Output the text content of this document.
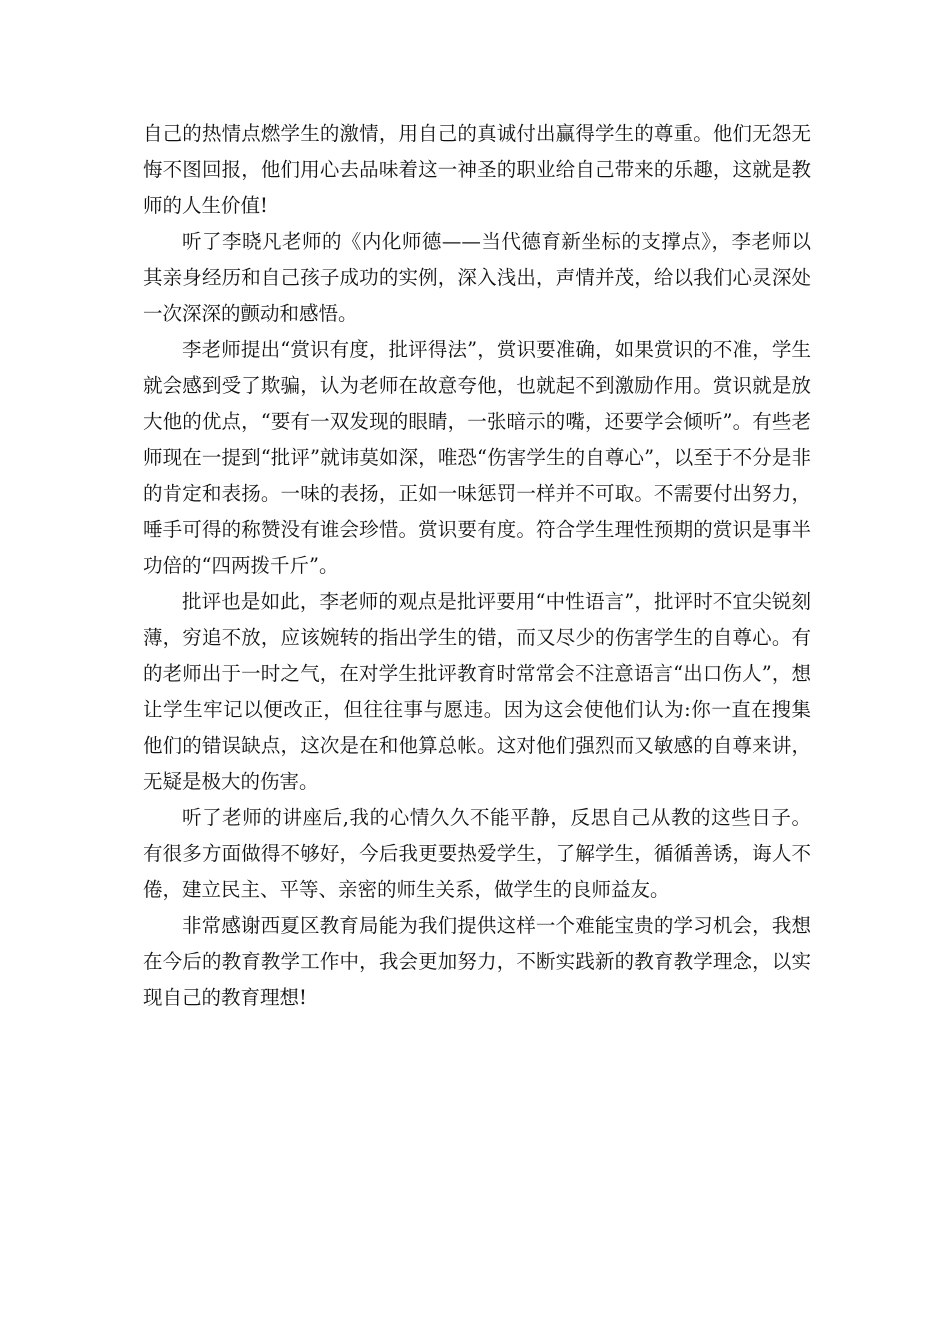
自己的热情点燃学生的激情，用自己的真诚付出赢得学生的尊重。他们无怨无悔不图回报，他们用心去品味着这一神圣的职业给自己带来的乐趣，这就是教师的人生价值!

听了李晓凡老师的《内化师德——当代德育新坐标的支撑点》，李老师以其亲身经历和自己孩子成功的实例，深入浅出，声情并茂，给以我们心灵深处一次深深的颤动和感悟。

李老师提出“赏识有度，批评得法”，赏识要准确，如果赏识的不准，学生就会感到受了欺骗，认为老师在故意夸他，也就起不到激励作用。赏识就是放大他的优点，“要有一双发现的眼睛，一张暗示的嘴，还要学会倾听”。有些老师现在一提到“批评”就讳莫如深，唯恐“伤害学生的自尊心”，以至于不分是非的肯定和表扬。一味的表扬，正如一味惩罚一样并不可取。不需要付出努力，唾手可得的称赞没有谁会珍惜。赏识要有度。符合学生理性预期的赏识是事半功倍的“四两拨千斤”。

批评也是如此，李老师的观点是批评要用“中性语言”，批评时不宜尖锐刻薄，穷追不放，应该婉转的指出学生的错，而又尽少的伤害学生的自尊心。有的老师出于一时之气，在对学生批评教育时常常会不注意语言“出口伤人”，想让学生牢记以便改正，但往往事与愿违。因为这会使他们认为:你一直在搜集他们的错误缺点，这次是在和他算总帐。这对他们强烈而又敏感的自尊来讲，无疑是极大的伤害。

听了老师的讲座后,我的心情久久不能平静，反思自己从教的这些日子。有很多方面做得不够好，今后我更要热爱学生，了解学生，循循善诱，诲人不倦，建立民主、平等、亲密的师生关系，做学生的良师益友。

非常感谢西夏区教育局能为我们提供这样一个难能宝贵的学习机会，我想在今后的教育教学工作中，我会更加努力，不断实践新的教育教学理念，以实现自己的教育理想!
